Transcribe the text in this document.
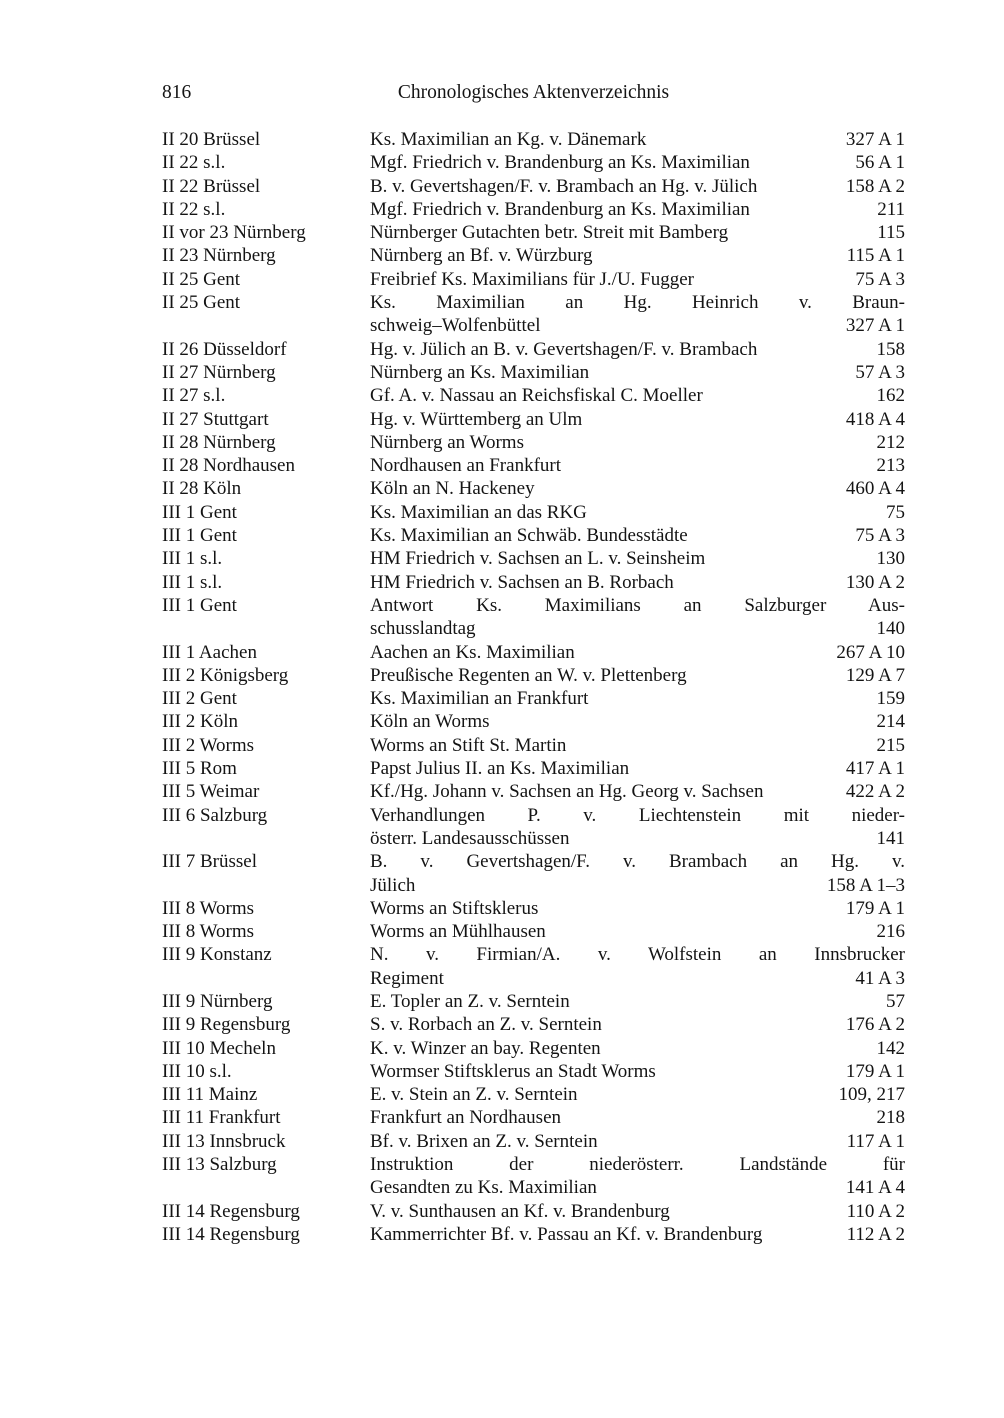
816	Chronologisches Aktenverzeichnis
II 20 Brüssel	Ks. Maximilian an Kg. v. Dänemark	327 A 1
II 22 s.l.	Mgf. Friedrich v. Brandenburg an Ks. Maximilian	56 A 1
II 22 Brüssel	B. v. Gevertshagen/F. v. Brambach an Hg. v. Jülich	158 A 2
II 22 s.l.	Mgf. Friedrich v. Brandenburg an Ks. Maximilian	211
II vor 23 Nürnberg	Nürnberger Gutachten betr. Streit mit Bamberg	115
II 23 Nürnberg	Nürnberg an Bf. v. Würzburg	115 A 1
II 25 Gent	Freibrief Ks. Maximilians für J./U. Fugger	75 A 3
II 25 Gent	Ks. Maximilian an Hg. Heinrich v. Braun-
schweig–Wolfenbüttel	327 A 1
II 26 Düsseldorf	Hg. v. Jülich an B. v. Gevertshagen/F. v. Brambach	158
II 27 Nürnberg	Nürnberg an Ks. Maximilian	57 A 3
II 27 s.l.	Gf. A. v. Nassau an Reichsfiskal C. Moeller	162
II 27 Stuttgart	Hg. v. Württemberg an Ulm	418 A 4
II 28 Nürnberg	Nürnberg an Worms	212
II 28 Nordhausen	Nordhausen an Frankfurt	213
II 28 Köln	Köln an N. Hackeney	460 A 4
III 1 Gent	Ks. Maximilian an das RKG	75
III 1 Gent	Ks. Maximilian an Schwäb. Bundesstädte	75 A 3
III 1 s.l.	HM Friedrich v. Sachsen an L. v. Seinsheim	130
III 1 s.l.	HM Friedrich v. Sachsen an B. Rorbach	130 A 2
III 1 Gent	Antwort Ks. Maximilians an Salzburger Aus-
schusslandtag	140
III 1 Aachen	Aachen an Ks. Maximilian	267 A 10
III 2 Königsberg	Preußische Regenten an W. v. Plettenberg	129 A 7
III 2 Gent	Ks. Maximilian an Frankfurt	159
III 2 Köln	Köln an Worms	214
III 2 Worms	Worms an Stift St. Martin	215
III 5 Rom	Papst Julius II. an Ks. Maximilian	417 A 1
III 5 Weimar	Kf./Hg. Johann v. Sachsen an Hg. Georg v. Sachsen	422 A 2
III 6 Salzburg	Verhandlungen P. v. Liechtenstein mit nieder-
österr. Landesausschüssen	141
III 7 Brüssel	B. v. Gevertshagen/F. v. Brambach an Hg. v.
Jülich	158 A 1–3
III 8 Worms	Worms an Stiftsklerus	179 A 1
III 8 Worms	Worms an Mühlhausen	216
III 9 Konstanz	N. v. Firmian/A. v. Wolfstein an Innsbrucker
Regiment	41 A 3
III 9 Nürnberg	E. Topler an Z. v. Serntein	57
III 9 Regensburg	S. v. Rorbach an Z. v. Serntein	176 A 2
III 10 Mecheln	K. v. Winzer an bay. Regenten	142
III 10 s.l.	Wormser Stiftsklerus an Stadt Worms	179 A 1
III 11 Mainz	E. v. Stein an Z. v. Serntein	109, 217
III 11 Frankfurt	Frankfurt an Nordhausen	218
III 13 Innsbruck	Bf. v. Brixen an Z. v. Serntein	117 A 1
III 13 Salzburg	Instruktion der niederösterr. Landstände für
Gesandten zu Ks. Maximilian	141 A 4
III 14 Regensburg	V. v. Sunthausen an Kf. v. Brandenburg	110 A 2
III 14 Regensburg	Kammerrichter Bf. v. Passau an Kf. v. Brandenburg	112 A 2
